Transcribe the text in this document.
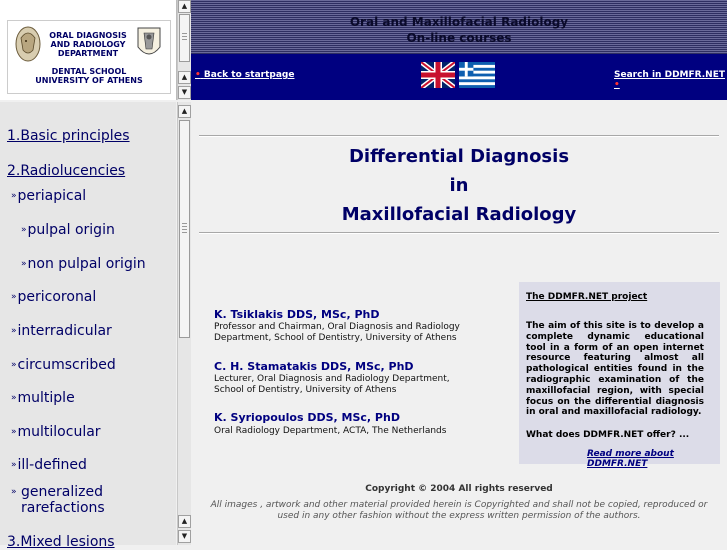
ORAL DIAGNOSIS
AND RADIOLOGY
DEPARTMENT
DENTAL SCHOOL
UNIVERSITY OF ATHENS
▲
▲
▼
Oral and Maxillofacial Radiology
On-line courses
• Back to startpage	Search in DDMFR.NET •
1.Basic principles
2.Radiolucencies
»periapical
»pulpal origin
»non pulpal origin
»pericoronal
»interradicular
»circumscribed
»multiple
»multilocular
»ill-defined
» generalized rarefactions
3.Mixed lesions
▲
▲
▼
Differential Diagnosis
in
Maxillofacial Radiology
K. Tsiklakis DDS, MSc, PhD
Professor and Chairman, Oral Diagnosis and Radiology
Department, School of Dentistry, University of Athens
C. H. Stamatakis DDS, MSc, PhD
Lecturer, Oral Diagnosis and Radiology Department,
School of Dentistry, University of Athens
K. Syriopoulos DDS, MSc, PhD
Oral Radiology Department, ACTA, The Netherlands
The DDMFR.NET project
The aim of this site is to develop a complete dynamic educational tool in a form of an open internet resource featuring almost all pathological entities found in the radiographic examination of the maxillofacial region, with special focus on the differential diagnosis in oral and maxillofacial radiology.
What does DDMFR.NET offer? ...
Read more about DDMFR.NET
Copyright © 2004 All rights reserved
All images , artwork and other material provided herein is Copyrighted and shall not be copied, reproduced or used in any other fashion without the express written permission of the authors.
